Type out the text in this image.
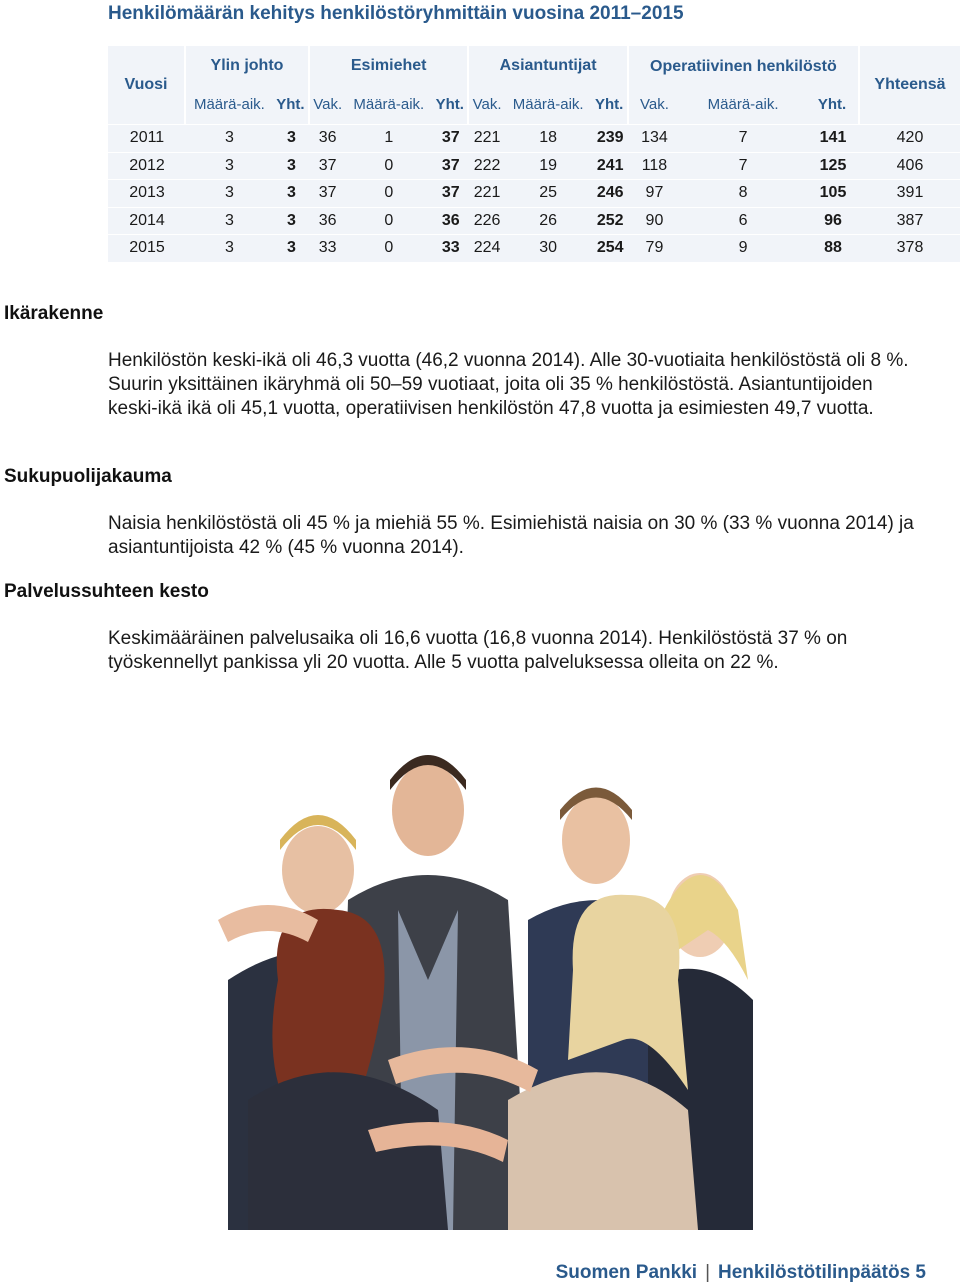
Henkilömäärän kehitys henkilöstöryhmittäin vuosina 2011–2015
Vuosi	Ylin johto		Esimiehet			Asiantuntijat			Operatiivinen henkilöstö			Yhteensä
	Määrä-aik.	Yht.	Vak.	Määrä-aik.	Yht.	Vak.	Määrä-aik.	Yht.	Vak.	Määrä-aik.	Yht.	
2011	3	3	36	1	37	221	18	239	134	7	141	420
2012	3	3	37	0	37	222	19	241	118	7	125	406
2013	3	3	37	0	37	221	25	246	97	8	105	391
2014	3	3	36	0	36	226	26	252	90	6	96	387
2015	3	3	33	0	33	224	30	254	79	9	88	378
Ikärakenne
Henkilöstön keski-ikä oli 46,3 vuotta (46,2 vuonna 2014). Alle 30-vuotiaita henkilöstöstä oli 8 %. Suurin yksittäinen ikäryhmä oli 50–59 vuotiaat, joita oli 35 % henkilöstöstä. Asiantuntijoiden keski-ikä ikä oli 45,1 vuotta, operatiivisen henkilöstön 47,8 vuotta ja esimiesten 49,7 vuotta.
Sukupuolijakauma
Naisia henkilöstöstä oli 45 % ja miehiä 55 %. Esimiehistä naisia on 30 % (33 % vuonna 2014) ja asiantuntijoista 42 % (45 % vuonna 2014).
Palvelussuhteen kesto
Keskimääräinen palvelusaika oli 16,6 vuotta (16,8 vuonna 2014). Henkilöstöstä 37 % on työskennellyt pankissa yli 20 vuotta. Alle 5 vuotta palveluksessa olleita on 22 %.
Suomen Pankki | Henkilöstötilinpäätös 5
